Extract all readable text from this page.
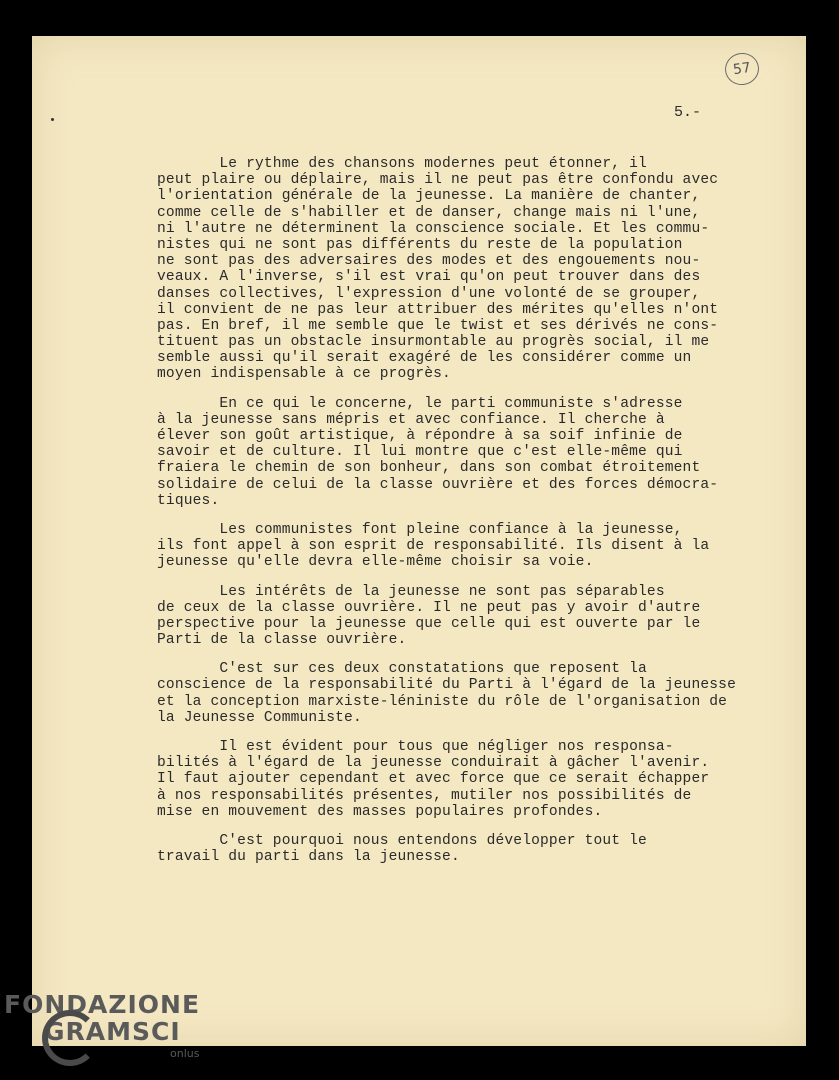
57
5.-
Le rythme des chansons modernes peut étonner, il
peut plaire ou déplaire, mais il ne peut pas être confondu avec
l'orientation générale de la jeunesse. La manière de chanter,
comme celle de s'habiller et de danser, change mais ni l'une,
ni l'autre ne déterminent la conscience sociale. Et les commu-
nistes qui ne sont pas différents du reste de la population
ne sont pas des adversaires des modes et des engouements nou-
veaux. A l'inverse, s'il est vrai qu'on peut trouver dans des
danses collectives, l'expression d'une volonté de se grouper,
il convient de ne pas leur attribuer des mérites qu'elles n'ont
pas. En bref, il me semble que le twist et ses dérivés ne cons-
tituent pas un obstacle insurmontable au progrès social, il me
semble aussi qu'il serait exagéré de les considérer comme un
moyen indispensable à ce progrès.
En ce qui le concerne, le parti communiste s'adresse
à la jeunesse sans mépris et avec confiance. Il cherche à
élever son goût artistique, à répondre à sa soif infinie de
savoir et de culture. Il lui montre que c'est elle-même qui
fraiera le chemin de son bonheur, dans son combat étroitement
solidaire de celui de la classe ouvrière et des forces démocra-
tiques.
Les communistes font pleine confiance à la jeunesse,
ils font appel à son esprit de responsabilité. Ils disent à la
jeunesse qu'elle devra elle-même choisir sa voie.
Les intérêts de la jeunesse ne sont pas séparables
de ceux de la classe ouvrière. Il ne peut pas y avoir d'autre
perspective pour la jeunesse que celle qui est ouverte par le
Parti de la classe ouvrière.
C'est sur ces deux constatations que reposent la
conscience de la responsabilité du Parti à l'égard de la jeunesse
et la conception marxiste-léniniste du rôle de l'organisation de
la Jeunesse Communiste.
Il est évident pour tous que négliger nos responsa-
bilités à l'égard de la jeunesse conduirait à gâcher l'avenir.
Il faut ajouter cependant et avec force que ce serait échapper
à nos responsabilités présentes, mutiler nos possibilités de
mise en mouvement des masses populaires profondes.
C'est pourquoi nous entendons développer tout le
travail du parti dans la jeunesse.
FONDAZIONE
GRAMSCI
onlus
